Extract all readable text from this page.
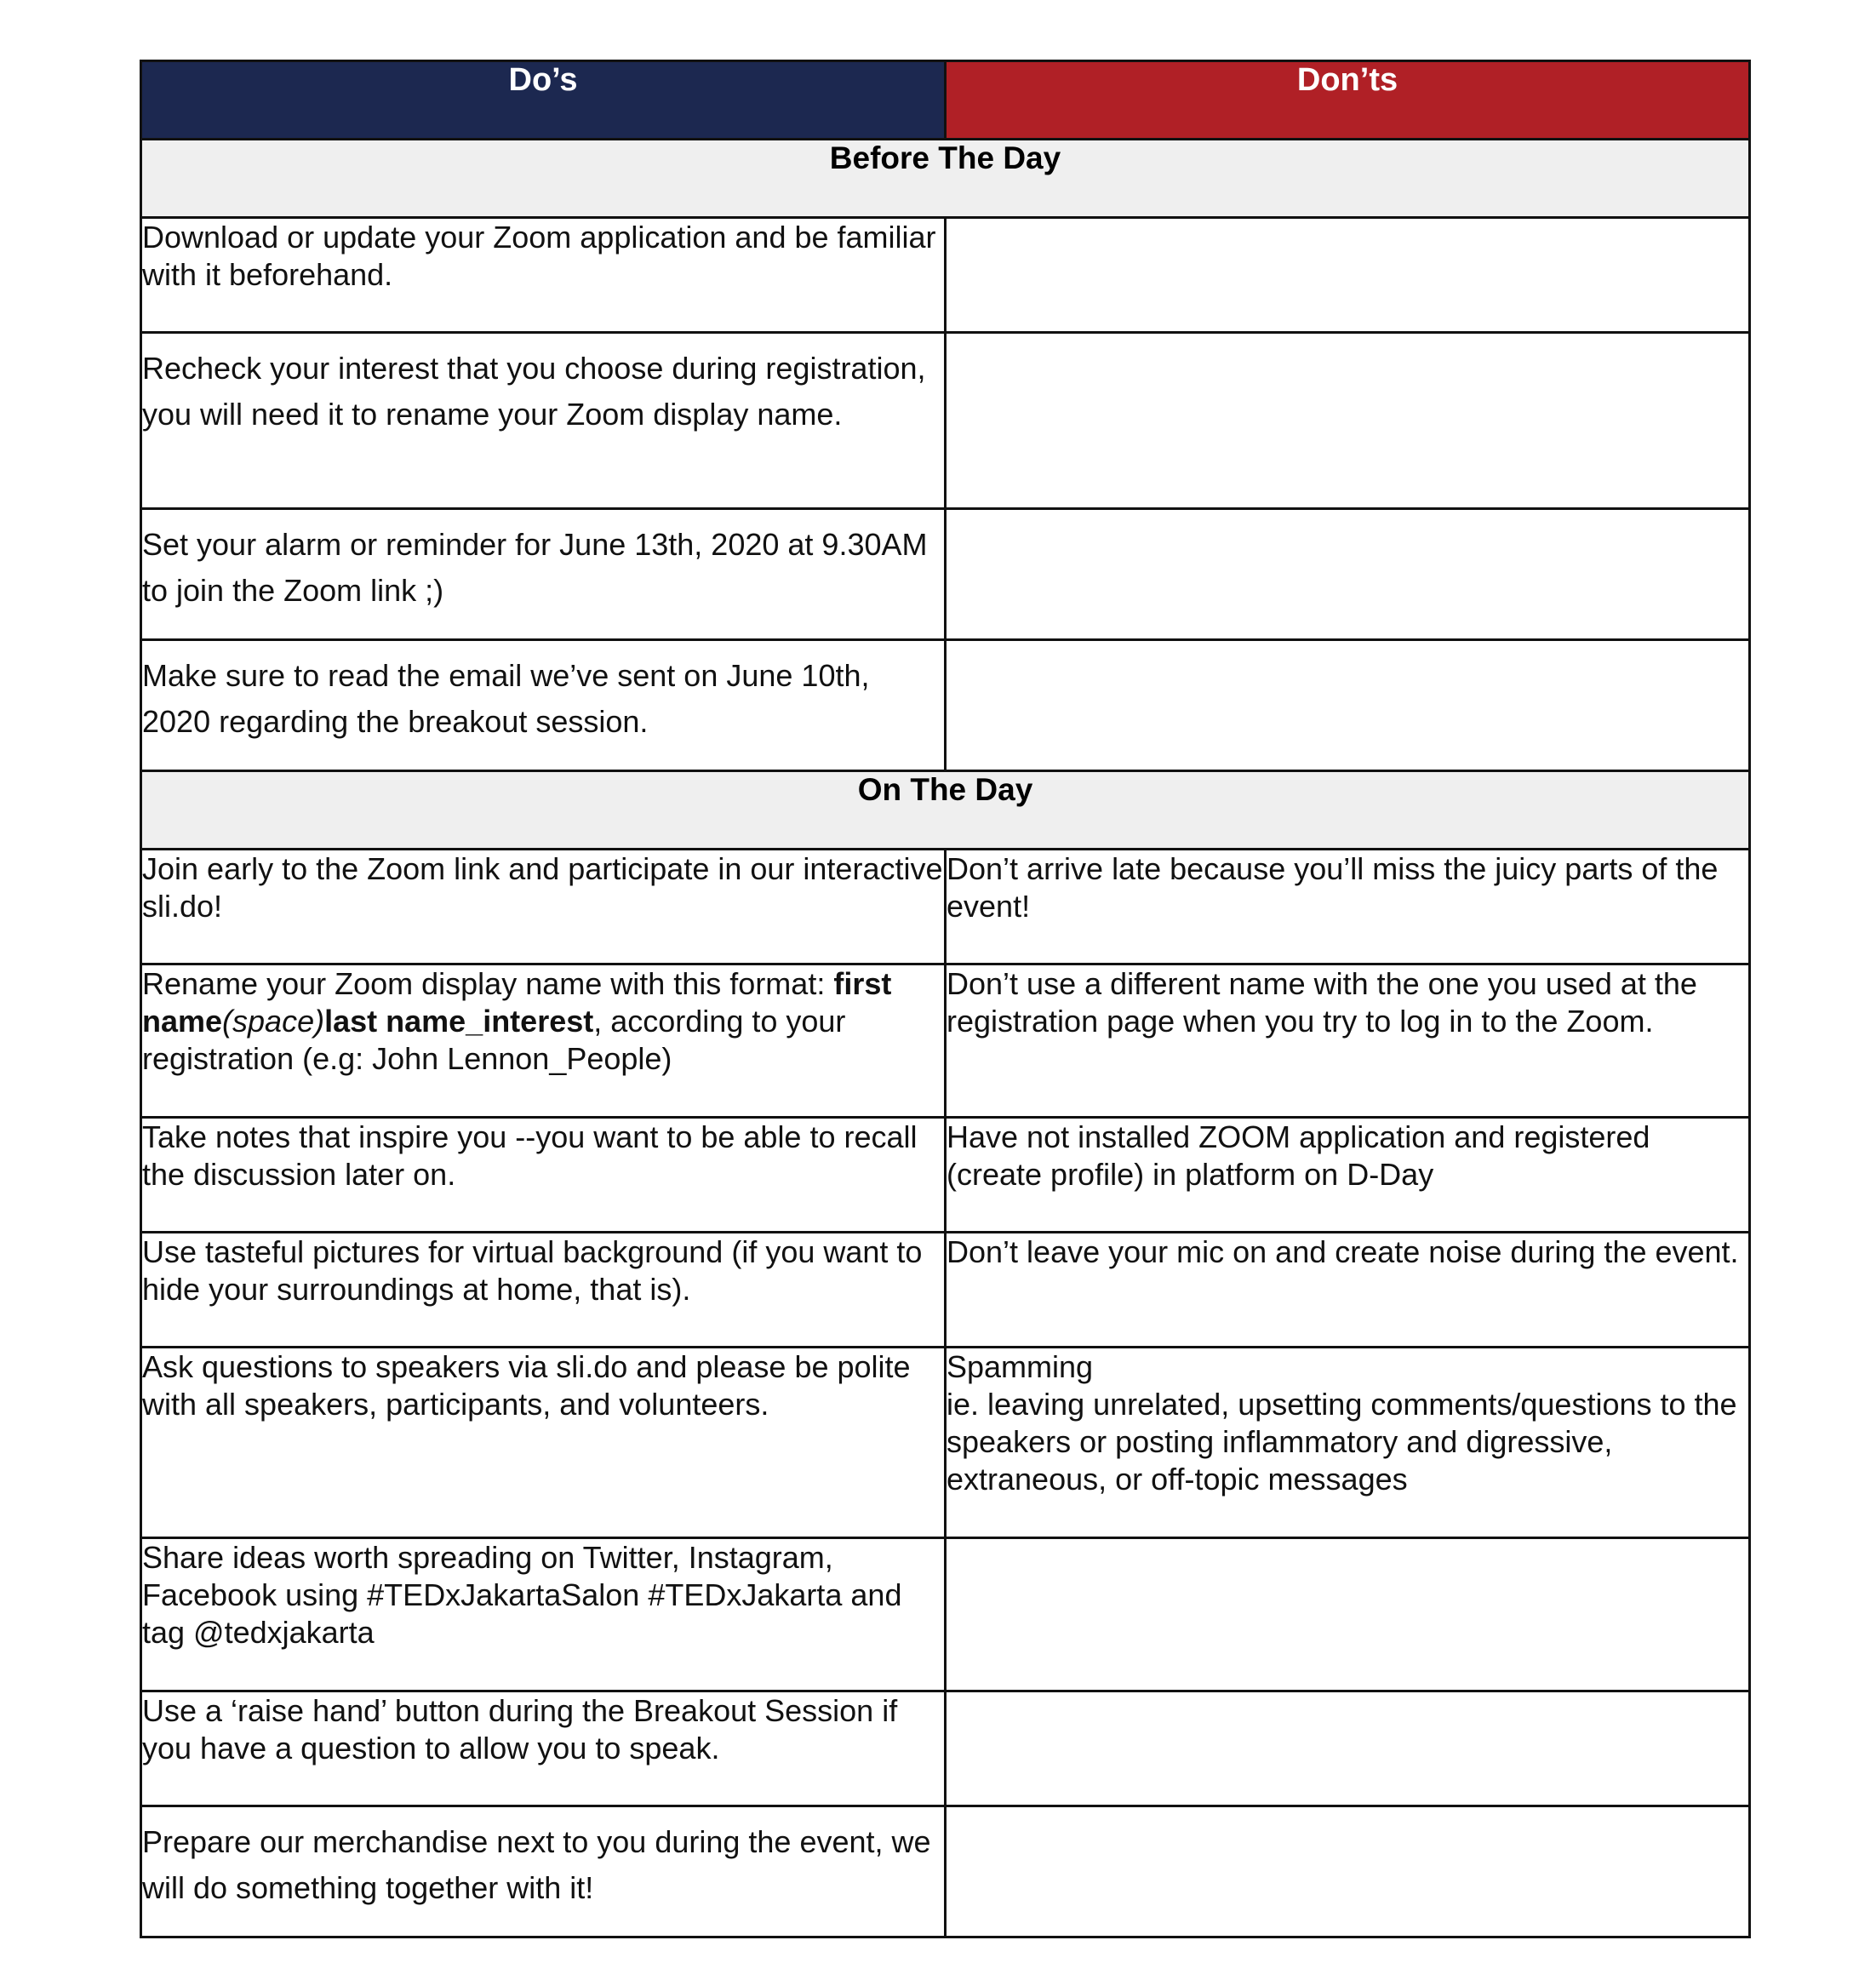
Do’s	Don’ts
Before The Day	

Download or update your Zoom application and be familiar with it beforehand.	

Recheck your interest that you choose during registration, you will need it to rename your Zoom display name.	

Set your alarm or reminder for June 13th, 2020 at 9.30AM to join the Zoom link ;)	

Make sure to read the email we’ve sent on June 10th, 2020 regarding the breakout session.	

On The Day	

Join early to the Zoom link and participate in our interactive sli.do!	Don’t arrive late because you’ll miss the juicy parts of the event!

Rename your Zoom display name with this format: first name(space)last name_interest, according to your registration (e.g: John Lennon_People)	Don’t use a different name with the one you used at the registration page when you try to log in to the Zoom.

Take notes that inspire you --you want to be able to recall the discussion later on.	Have not installed ZOOM application and registered (create profile) in platform on D-Day

Use tasteful pictures for virtual background (if you want to hide your surroundings at home, that is).	Don’t leave your mic on and create noise during the event.

Ask questions to speakers via sli.do and please be polite with all speakers, participants, and volunteers.	Spamming
ie. leaving unrelated, upsetting comments/questions to the speakers or posting inflammatory and digressive, extraneous, or off-topic messages

Share ideas worth spreading on Twitter, Instagram, Facebook using #TEDxJakartaSalon #TEDxJakarta and tag @tedxjakarta	

Use a ‘raise hand’ button during the Breakout Session if you have a question to allow you to speak.	

Prepare our merchandise next to you during the event, we will do something together with it!	
